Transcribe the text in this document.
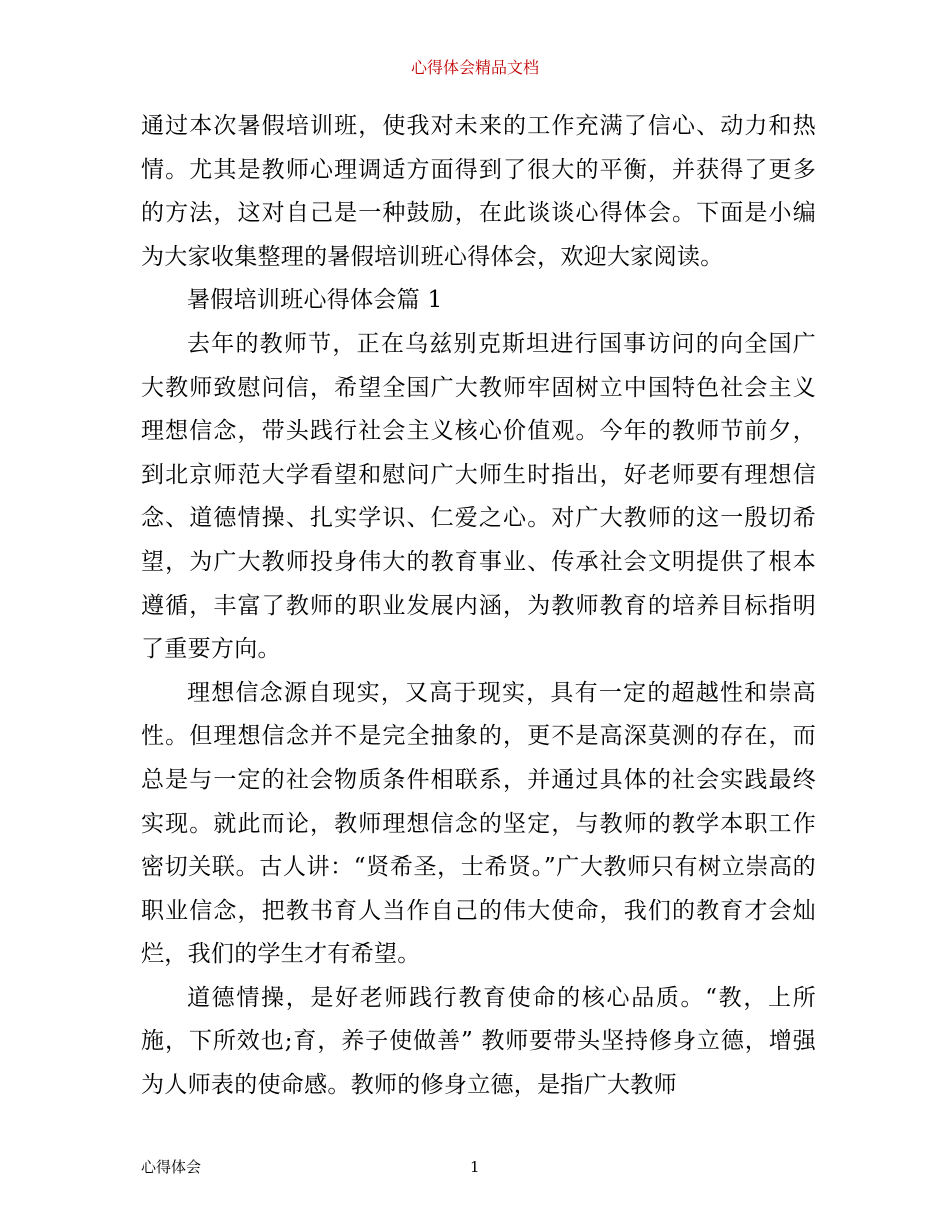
心得体会精品文档

通过本次暑假培训班，使我对未来的工作充满了信心、动力和热情。尤其是教师心理调适方面得到了很大的平衡，并获得了更多的方法，这对自己是一种鼓励，在此谈谈心得体会。下面是小编为大家收集整理的暑假培训班心得体会，欢迎大家阅读。

暑假培训班心得体会篇 1

去年的教师节，正在乌兹别克斯坦进行国事访问的向全国广大教师致慰问信，希望全国广大教师牢固树立中国特色社会主义理想信念，带头践行社会主义核心价值观。今年的教师节前夕，到北京师范大学看望和慰问广大师生时指出，好老师要有理想信念、道德情操、扎实学识、仁爱之心。对广大教师的这一殷切希望，为广大教师投身伟大的教育事业、传承社会文明提供了根本遵循，丰富了教师的职业发展内涵，为教师教育的培养目标指明了重要方向。

理想信念源自现实，又高于现实，具有一定的超越性和崇高性。但理想信念并不是完全抽象的，更不是高深莫测的存在，而总是与一定的社会物质条件相联系，并通过具体的社会实践最终实现。就此而论，教师理想信念的坚定，与教师的教学本职工作密切关联。古人讲：“贤希圣，士希贤。”广大教师只有树立崇高的职业信念，把教书育人当作自己的伟大使命，我们的教育才会灿烂，我们的学生才有希望。

道德情操，是好老师践行教育使命的核心品质。“教，上所施，下所效也;育，养子使做善” 教师要带头坚持修身立德，增强为人师表的使命感。教师的修身立德，是指广大教师

心得体会	1
